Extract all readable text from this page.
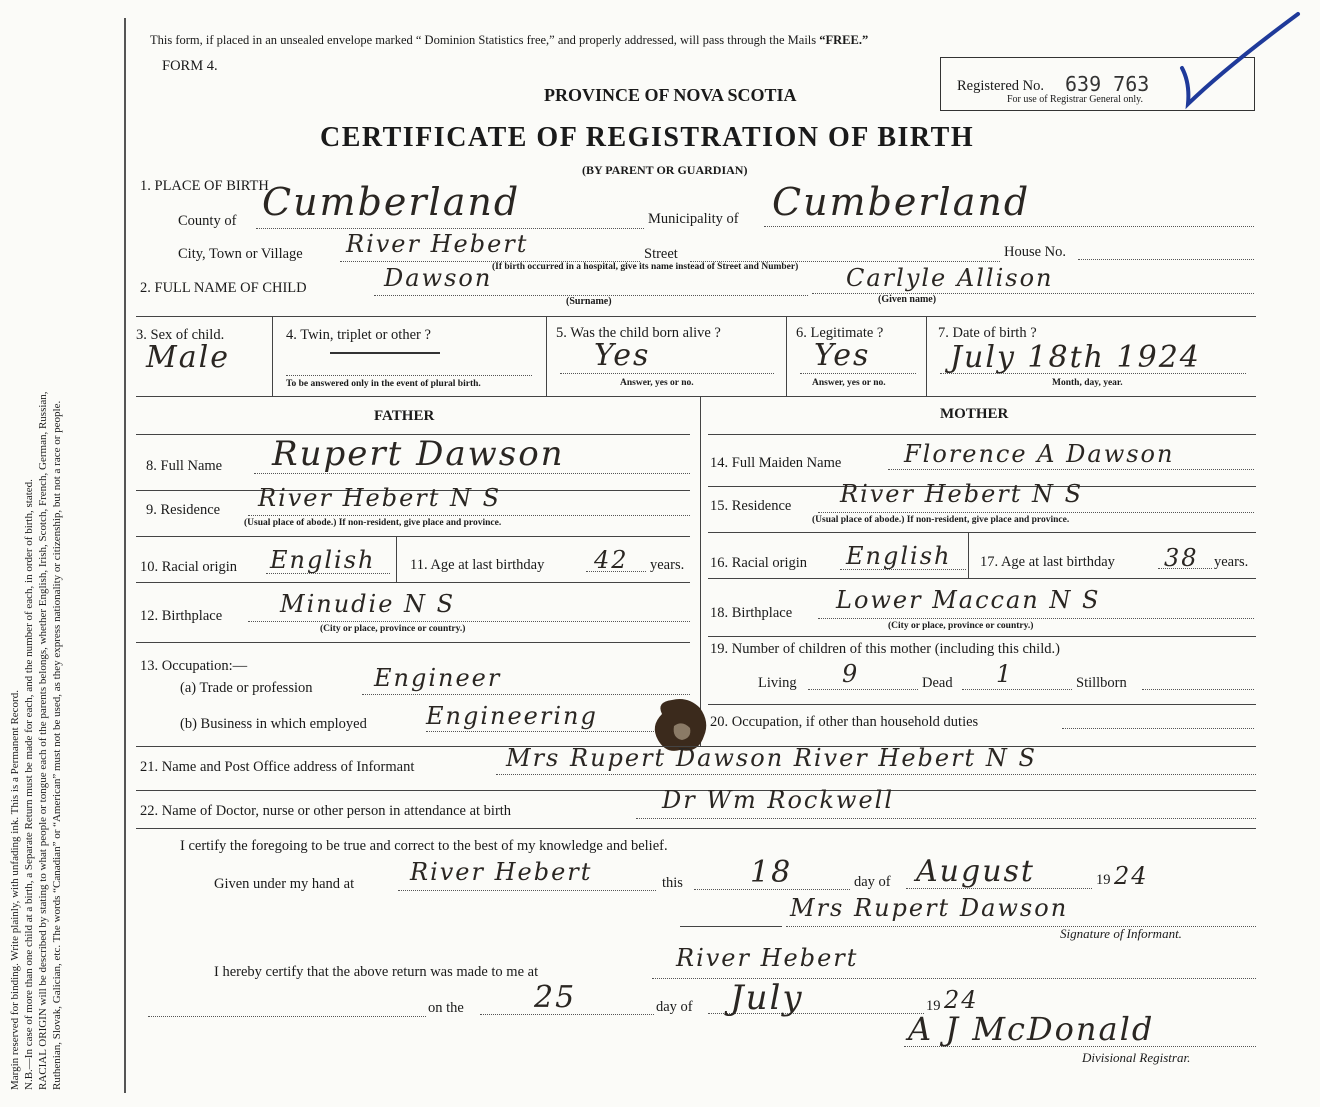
Margin reserved for binding. Write plainly, with unfading ink. This is a Permanent Record. N.B.—In case of more than one child at a birth, a Separate Return must be made for each, and the number of each, in order of birth, stated. RACIAL ORIGIN will be described by stating to what people or tongue each of the parents belongs, whether English, Irish, Scotch, French, German, Russian, Ruthenian, Slovak, Galician, etc. The words “Canadian” or “American” must not be used, as they express nationality or citizenship, but not a race or people.
This form, if placed in an unsealed envelope marked “ Dominion Statistics free,” and properly addressed, will pass through the Mails “FREE.”
FORM 4.
PROVINCE OF NOVA SCOTIA
CERTIFICATE OF REGISTRATION OF BIRTH
(BY PARENT OR GUARDIAN)
Registered No. 639 763
For use of Registrar General only.
1. PLACE OF BIRTH
County of Cumberland	Municipality of Cumberland
City, Town or Village River Hebert	Street	House No.
(If birth occurred in a hospital, give its name instead of Street and Number)
2. FULL NAME OF CHILD	Dawson
(Surname)
Carlyle Allison
(Given name)
3. Sex of child.
Male
4. Twin, triplet or other ?
To be answered only in the event of plural birth.
5. Was the child born alive ?
Yes
Answer, yes or no.
6. Legitimate ?
Yes
Answer, yes or no.
7. Date of birth ?
July 18th 1924
Month, day, year.
FATHER	MOTHER
8. Full Name Rupert Dawson
9. Residence River Hebert N S
(Usual place of abode.) If non-resident, give place and province.
10. Racial origin English 11. Age at last birthday 42 years.
12. Birthplace Minudie N S
(City or place, province or country.)
13. Occupation:—
(a) Trade or profession	Engineer
(b) Business in which employed Engineering
14. Full Maiden Name	Florence A Dawson
15. Residence River Hebert N S
(Usual place of abode.) If non-resident, give place and province.
16. Racial origin English 17. Age at last birthday 38 years.
18. Birthplace Lower Maccan N S
(City or place, province or country.)
19. Number of children of this mother (including this child.)
Living 9	Dead 1	Stillborn
20. Occupation, if other than household duties
21. Name and Post Office address of Informant	Mrs Rupert Dawson River Hebert N S
22. Name of Doctor, nurse or other person in attendance at birth	Dr Wm Rockwell
I certify the foregoing to be true and correct to the best of my knowledge and belief.
Given under my hand at River Hebert	this 18	day of August	19 24
Mrs Rupert Dawson
Signature of Informant.
I hereby certify that the above return was made to me at	River Hebert
on the 25	day of July	19 24
A J McDonald
Divisional Registrar.
